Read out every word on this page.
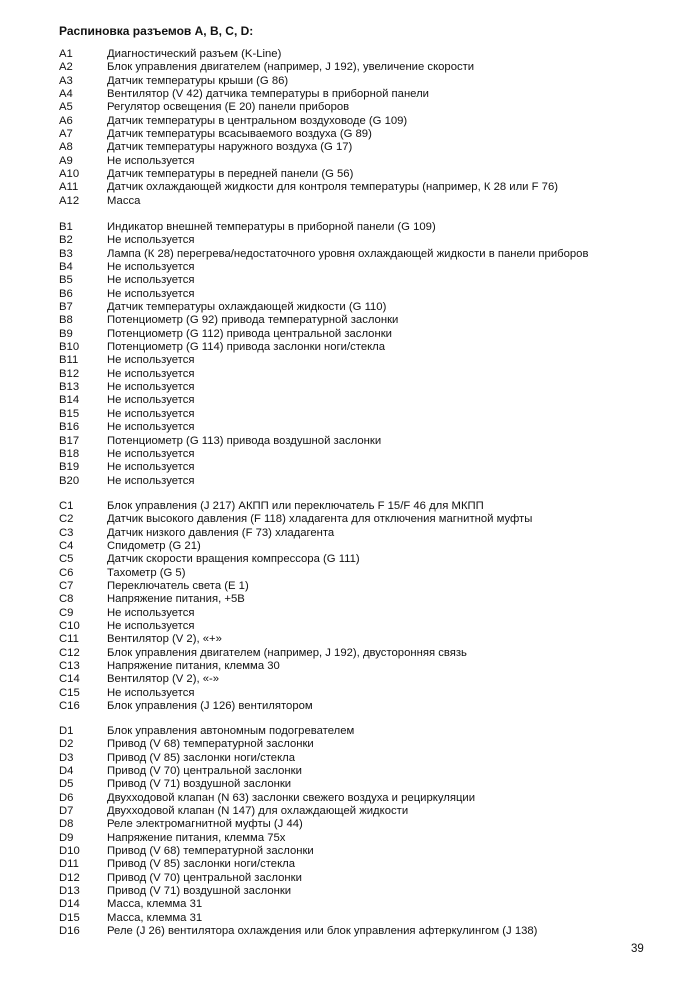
Распиновка разъемов A, B, C, D:
A1	Диагностический разъем (K-Line)
A2	Блок управления двигателем (например, J 192), увеличение скорости
A3	Датчик температуры крыши (G 86)
A4	Вентилятор (V 42) датчика температуры в приборной панели
A5	Регулятор освещения (E 20) панели приборов
A6	Датчик температуры в центральном воздуховоде (G 109)
A7	Датчик температуры всасываемого воздуха (G 89)
A8	Датчик температуры наружного воздуха (G 17)
A9	Не используется
A10 Датчик температуры в передней панели (G 56)
A11	Датчик охлаждающей жидкости для контроля температуры (например, К 28 или F 76)
A12 Масса
B1	Индикатор внешней температуры в приборной панели (G 109)
B2	Не используется
B3	Лампа (К 28) перегрева/недостаточного уровня охлаждающей жидкости в панели приборов
B4	Не используется
B5	Не используется
B6	Не используется
B7	Датчик температуры охлаждающей жидкости (G 110)
B8	Потенциометр (G 92) привода температурной заслонки
B9	Потенциометр (G 112) привода центральной заслонки
B10 Потенциометр (G 114) привода заслонки ноги/стекла
B11	Не используется
B12 Не используется
B13 Не используется
B14 Не используется
B15 Не используется
B16 Не используется
B17 Потенциометр (G 113) привода воздушной заслонки
B18 Не используется
B19 Не используется
B20 Не используется
C1	Блок управления (J 217) АКПП или переключатель F 15/F 46 для МКПП
C2	Датчик высокого давления (F 118) хладагента для отключения магнитной муфты
C3	Датчик низкого давления (F 73) хладагента
C4	Спидометр (G 21)
C5	Датчик скорости вращения компрессора (G 111)
C6	Тахометр (G 5)
C7	Переключатель света (E 1)
C8	Напряжение питания, +5В
C9	Не используется
C10 Не используется
C11 Вентилятор (V 2), «+»
C12 Блок управления двигателем (например, J 192), двусторонняя связь
C13 Напряжение питания, клемма 30
C14 Вентилятор (V 2), «-»
C15 Не используется
C16 Блок управления (J 126) вентилятором
D1	Блок управления автономным подогревателем
D2	Привод (V 68) температурной заслонки
D3	Привод (V 85) заслонки ноги/стекла
D4	Привод (V 70) центральной заслонки
D5	Привод (V 71) воздушной заслонки
D6	Двухходовой клапан (N 63) заслонки свежего воздуха и рециркуляции
D7	Двухходовой клапан (N 147) для охлаждающей жидкости
D8	Реле электромагнитной муфты (J 44)
D9	Напряжение питания, клемма 75x
D10 Привод (V 68) температурной заслонки
D11 Привод (V 85) заслонки ноги/стекла
D12 Привод (V 70) центральной заслонки
D13 Привод (V 71) воздушной заслонки
D14 Масса, клемма 31
D15 Масса, клемма 31
D16 Реле (J 26) вентилятора охлаждения или блок управления афтеркулингом (J 138)
39
